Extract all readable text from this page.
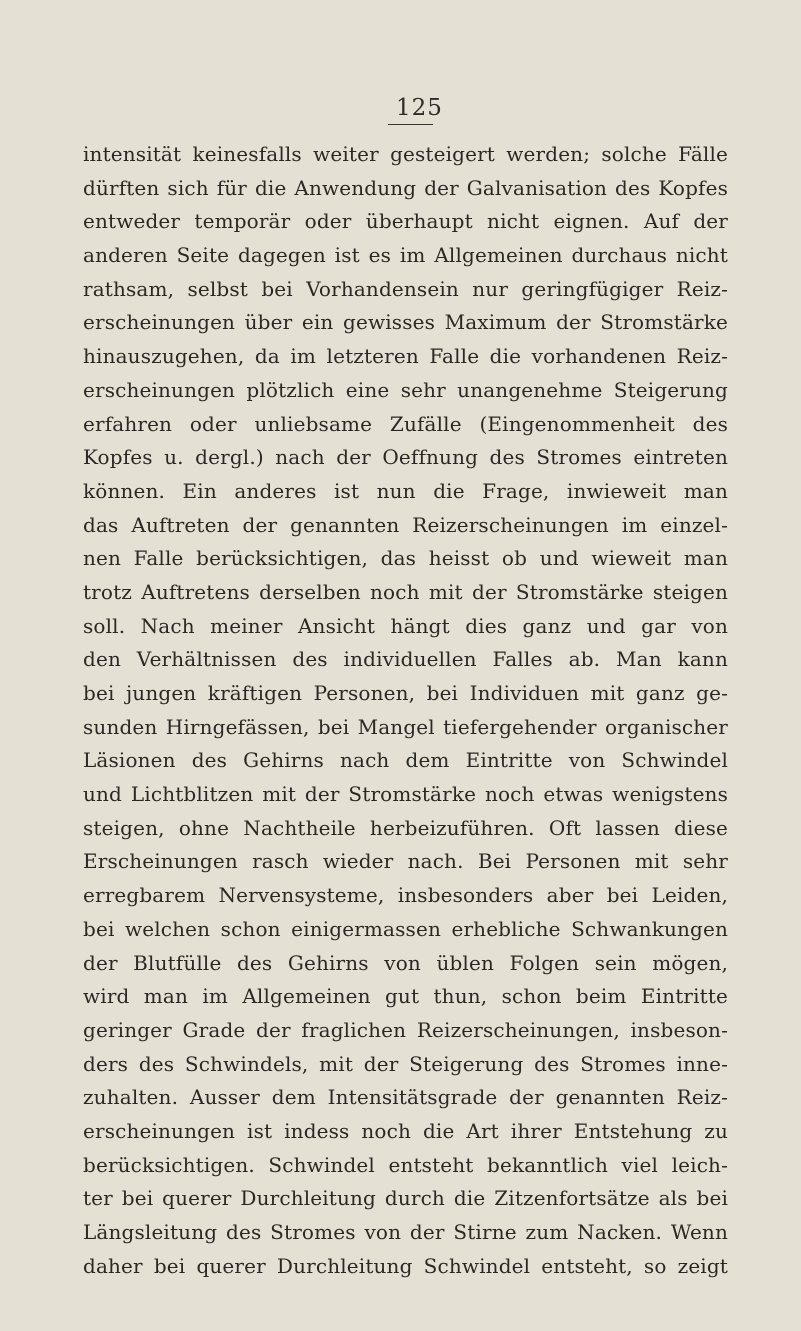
125
intensität keinesfalls weiter gesteigert werden; solche Fälle
dürften sich für die Anwendung der Galvanisation des Kopfes
entweder temporär oder überhaupt nicht eignen. Auf der
anderen Seite dagegen ist es im Allgemeinen durchaus nicht
rathsam, selbst bei Vorhandensein nur geringfügiger Reiz-
erscheinungen über ein gewisses Maximum der Stromstärke
hinauszugehen, da im letzteren Falle die vorhandenen Reiz-
erscheinungen plötzlich eine sehr unangenehme Steigerung
erfahren oder unliebsame Zufälle (Eingenommenheit des
Kopfes u. dergl.) nach der Oeffnung des Stromes eintreten
können. Ein anderes ist nun die Frage, inwieweit man
das Auftreten der genannten Reizerscheinungen im einzel-
nen Falle berücksichtigen, das heisst ob und wieweit man
trotz Auftretens derselben noch mit der Stromstärke steigen
soll. Nach meiner Ansicht hängt dies ganz und gar von
den Verhältnissen des individuellen Falles ab. Man kann
bei jungen kräftigen Personen, bei Individuen mit ganz ge-
sunden Hirngefässen, bei Mangel tiefergehender organischer
Läsionen des Gehirns nach dem Eintritte von Schwindel
und Lichtblitzen mit der Stromstärke noch etwas wenigstens
steigen, ohne Nachtheile herbeizuführen. Oft lassen diese
Erscheinungen rasch wieder nach. Bei Personen mit sehr
erregbarem Nervensysteme, insbesonders aber bei Leiden,
bei welchen schon einigermassen erhebliche Schwankungen
der Blutfülle des Gehirns von üblen Folgen sein mögen,
wird man im Allgemeinen gut thun, schon beim Eintritte
geringer Grade der fraglichen Reizerscheinungen, insbeson-
ders des Schwindels, mit der Steigerung des Stromes inne-
zuhalten. Ausser dem Intensitätsgrade der genannten Reiz-
erscheinungen ist indess noch die Art ihrer Entstehung zu
berücksichtigen. Schwindel entsteht bekanntlich viel leich-
ter bei querer Durchleitung durch die Zitzenfortsätze als bei
Längsleitung des Stromes von der Stirne zum Nacken. Wenn
daher bei querer Durchleitung Schwindel entsteht, so zeigt
